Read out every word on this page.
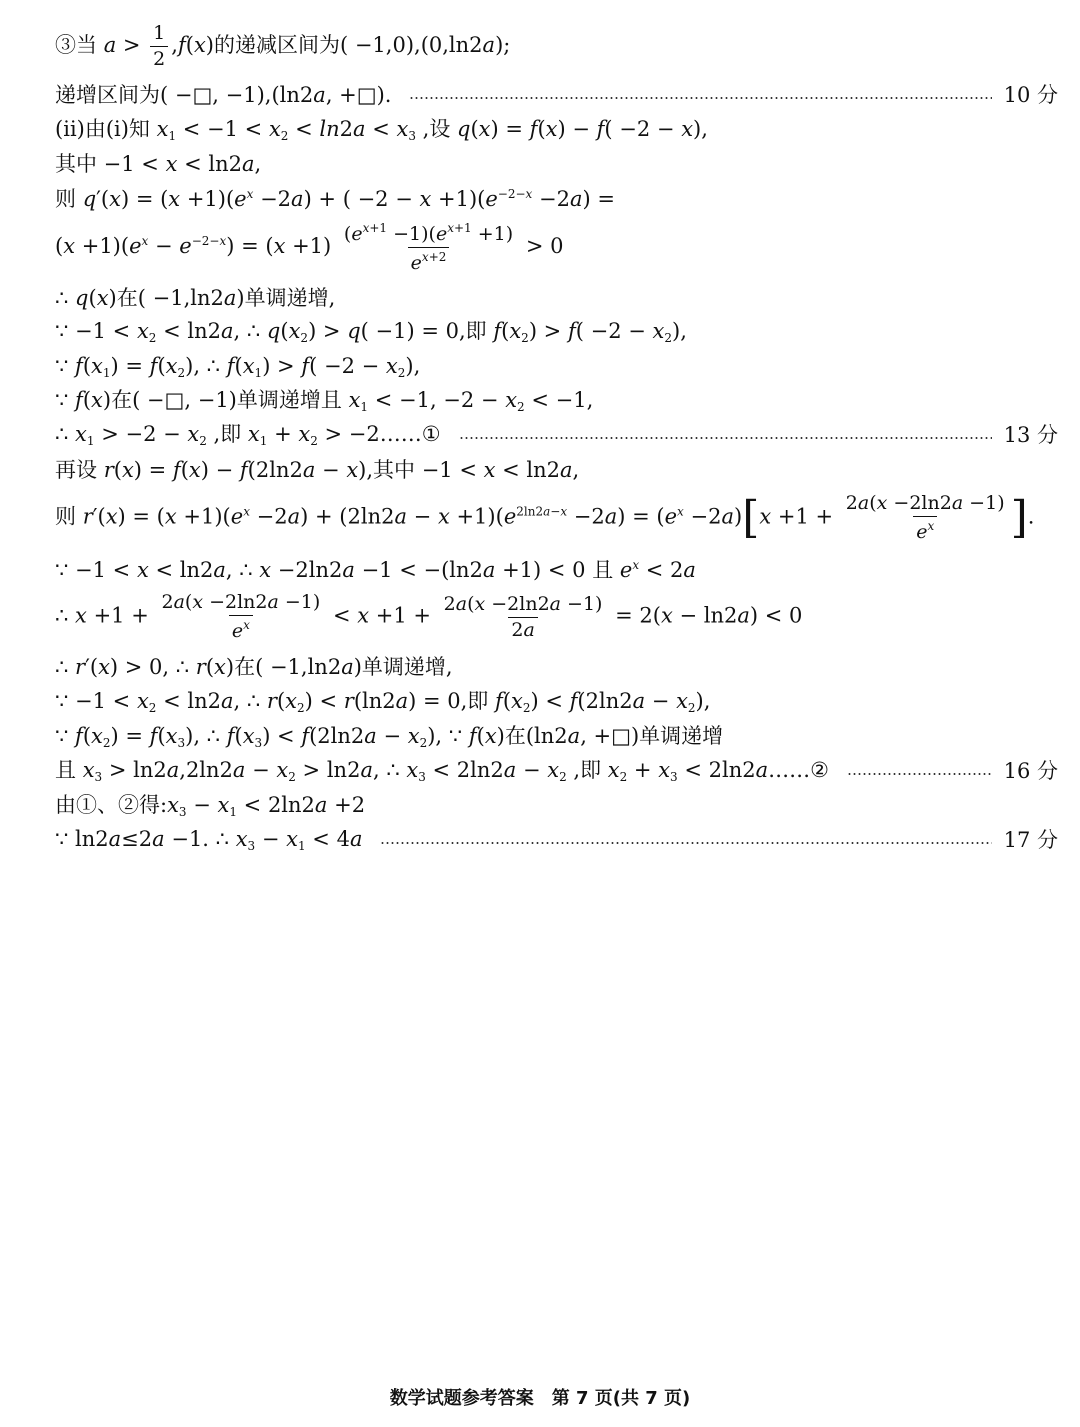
③当 $a > \frac{1}{2} ,f(x)$的递减区间为( −1,0),(0,ln2a);
递增区间为( −□, −1),(ln2a, +□).	10 分
(ⅱ)由(ⅰ)知 $x_1 < -1 < x_2 < \ln 2a < x_3$ ,设 q(x) = f(x) − f( −2 − x),
其中 −1 < x < ln2a,
则 $q'(x) = (x +1)(e^x -2a)$ + ( $-2 - x +1)(e^{-2-x} -2a)$ =
$(x +1)(e^x - e^{-2-x}) = (x +1) \frac{(e^{x+1} -1)(e^{x+1} +1)}{e^{x+2}} > 0$
∴ q(x)在( −1,ln2a)单调递增,
∵ $-1 < x_2 < \ln 2a$, ∴ $q(x_2) > q( -1) = 0$,即 $f(x_2) > f( -2 - x_2)$,
∵ $f(x_1) = f(x_2)$, ∴ $f(x_1) > f( -2 - x_2)$,
∵ f(x)在( −□, −1)单调递增且 $x_1 < -1$, $-2 - x_2 < -1$,
∴ $x_1 > -2 - x_2$ ,即 $x_1 + x_2$ > −2……①	13 分
再设 r(x) = f(x) − f(2ln2a − x),其中 −1 < x < ln2a,
则 $r'(x) = (x +1)(e^x -2a) + (2\ln 2a - x +1)(e^{2ln2a-x} -2a) = (e^x -2a)[x +1 + \frac{2a(x -2\ln 2a -1)}{e^x}$ ].
∵ −1 < x < ln2a, ∴ x −2ln2a −1 < −(ln2a +1) < 0 且 $e^x < 2a$
∴ $x +1 + \frac{2a(x -2\ln 2a -1)}{e^x} < x +1 + \frac{2a(x -2\ln 2a -1)}{2a} = 2(x - \ln 2a) < 0$
∴ r′(x) > 0, ∴ r(x)在( −1,ln2a)单调递增,
∵ $-1 < x_2 < \ln 2a$, ∴ $r(x_2) < r(\ln 2a) = 0$,即 $f(x_2) < f(2\ln 2a - x_2)$,
∵ $f(x_2) = f(x_3)$, ∴ $f(x_3) < f(2\ln 2a - x_2)$, ∵ f(x)在(ln2a, +□)单调递增
且 $x_3 > \ln 2a,2\ln 2a - x_2 > \ln 2a$, ∴ $x_3 < 2\ln 2a - x_2$ ,即 $x_2 + x_3$ < 2ln2a……②	16 分
由①、②得$:x_3 - x_1 < 2\ln 2a +2$
∵ ln2a≤2a −1. ∴ $x_3 - x_1 < 4a$	17 分
数学试题参考答案　第 7 页(共 7 页)
